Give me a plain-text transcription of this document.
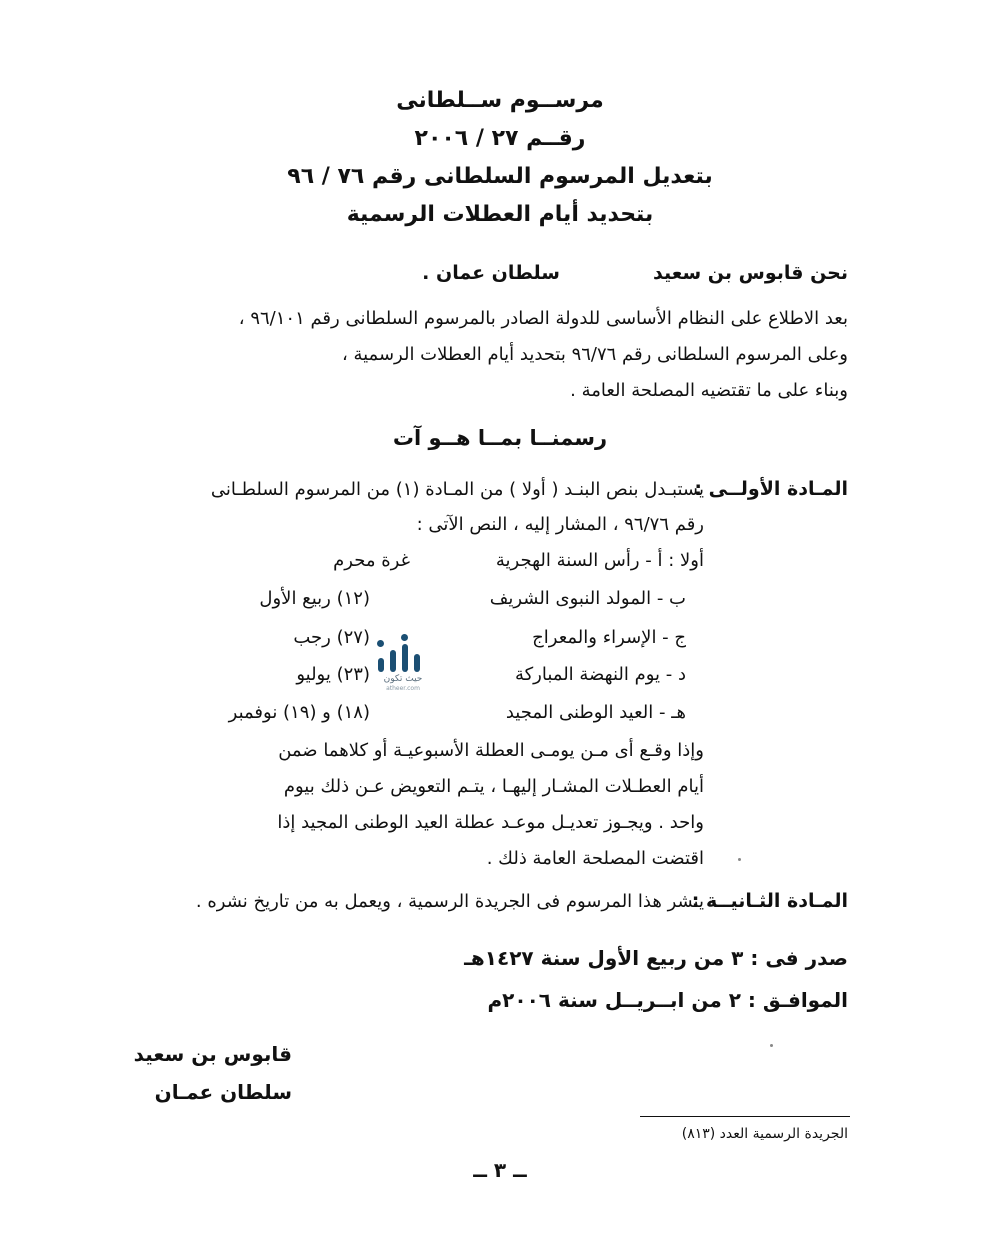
مرســوم ســلطانى
رقــم ٢٧ / ٢٠٠٦
بتعديل المرسوم السلطانى رقم ٧٦ / ٩٦
بتحديد أيام العطلات الرسمية
نحن قابوس بن سعيد
سلطان عمان .
بعد الاطلاع على النظام الأساسى للدولة الصادر بالمرسوم السلطانى رقم ٩٦/١٠١ ،
وعلى المرسوم السلطانى رقم ٩٦/٧٦ بتحديد أيام العطلات الرسمية ،
وبناء على ما تقتضيه المصلحة العامة .
رسمنــا بمــا هــو آت
المـادة الأولــى :
يستبـدل بنص البنـد ( أولا ) من المـادة (١) من المرسوم السلطـانى
رقم ٩٦/٧٦ ، المشار إليه ، النص الآتى :
أولا : أ - رأس السنة الهجرية
غرة محرم
ب - المولد النبوى الشريف
(١٢) ربيع الأول
ج - الإسراء والمعراج
(٢٧) رجب
د - يوم النهضة المباركة
(٢٣) يوليو
هـ - العيد الوطنى المجيد
(١٨) و (١٩) نوفمبر
وإذا وقـع أى مـن يومـى العطلة الأسبوعيـة أو كلاهما ضمن
أيام العطـلات المشـار إليهـا ، يتـم التعويض عـن ذلك بيوم
واحد . ويجـوز تعديـل موعـد عطلة العيد الوطنى المجيد إذا
اقتضت المصلحة العامة ذلك .
المـادة الثـانيــة :
ينشر هذا المرسوم فى الجريدة الرسمية ، ويعمل به من تاريخ نشره .
صدر فى : ٣ من ربيع الأول سنة ١٤٢٧هـ
الموافـق : ٢ من ابــريــل سنة ٢٠٠٦م
قابوس بن سعيد
سلطان عمـان
الجريدة الرسمية العدد (٨١٣)
ــ ٣ ــ
حيث تكون
atheer.com
